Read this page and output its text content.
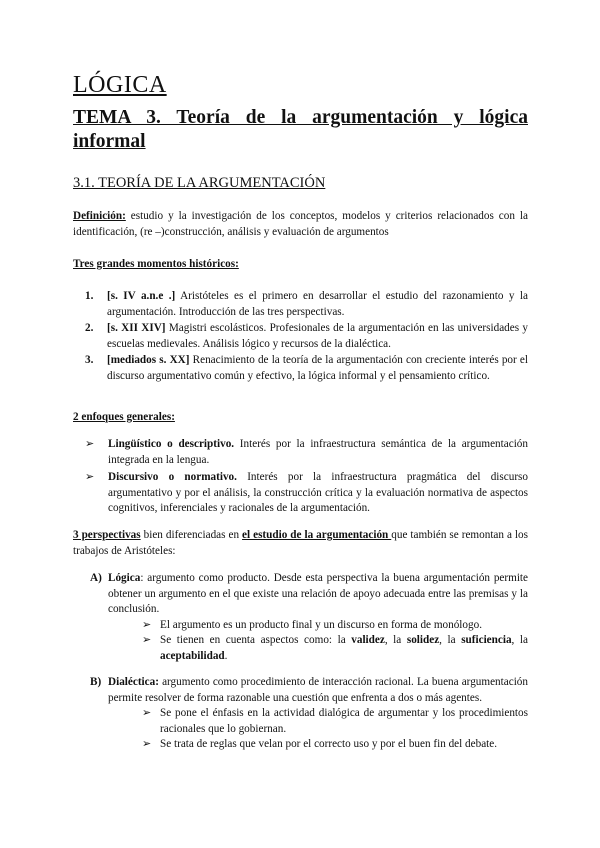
LÓGICA
TEMA 3. Teoría de la argumentación y lógica informal
3.1. TEORÍA DE LA ARGUMENTACIÓN

Definición: estudio y la investigación de los conceptos, modelos y criterios relacionados con la identificación, (re –)construcción, análisis y evaluación de argumentos

Tres grandes momentos históricos:

1. [s. IV a.n.e .] Aristóteles es el primero en desarrollar el estudio del razonamiento y la argumentación. Introducción de las tres perspectivas.
2. [s. XII XIV] Magistri escolásticos. Profesionales de la argumentación en las universidades y escuelas medievales. Análisis lógico y recursos de la dialéctica.
3. [mediados s. XX] Renacimiento de la teoría de la argumentación con creciente interés por el discurso argumentativo común y efectivo, la lógica informal y el pensamiento crítico.

2 enfoques generales:

➢ Lingüístico o descriptivo. Interés por la infraestructura semántica de la argumentación integrada en la lengua.
➢ Discursivo o normativo. Interés por la infraestructura pragmática del discurso argumentativo y por el análisis, la construcción crítica y la evaluación normativa de aspectos cognitivos, inferenciales y racionales de la argumentación.

3 perspectivas bien diferenciadas en el estudio de la argumentación que también se remontan a los trabajos de Aristóteles:

A) Lógica: argumento como producto. Desde esta perspectiva la buena argumentación permite obtener un argumento en el que existe una relación de apoyo adecuada entre las premisas y la conclusión.
➢ El argumento es un producto final y un discurso en forma de monólogo.
➢ Se tienen en cuenta aspectos como: la validez, la solidez, la suficiencia, la aceptabilidad.
B) Dialéctica: argumento como procedimiento de interacción racional. La buena argumentación permite resolver de forma razonable una cuestión que enfrenta a dos o más agentes.
➢ Se pone el énfasis en la actividad dialógica de argumentar y los procedimientos racionales que lo gobiernan.
➢ Se trata de reglas que velan por el correcto uso y por el buen fin del debate.
